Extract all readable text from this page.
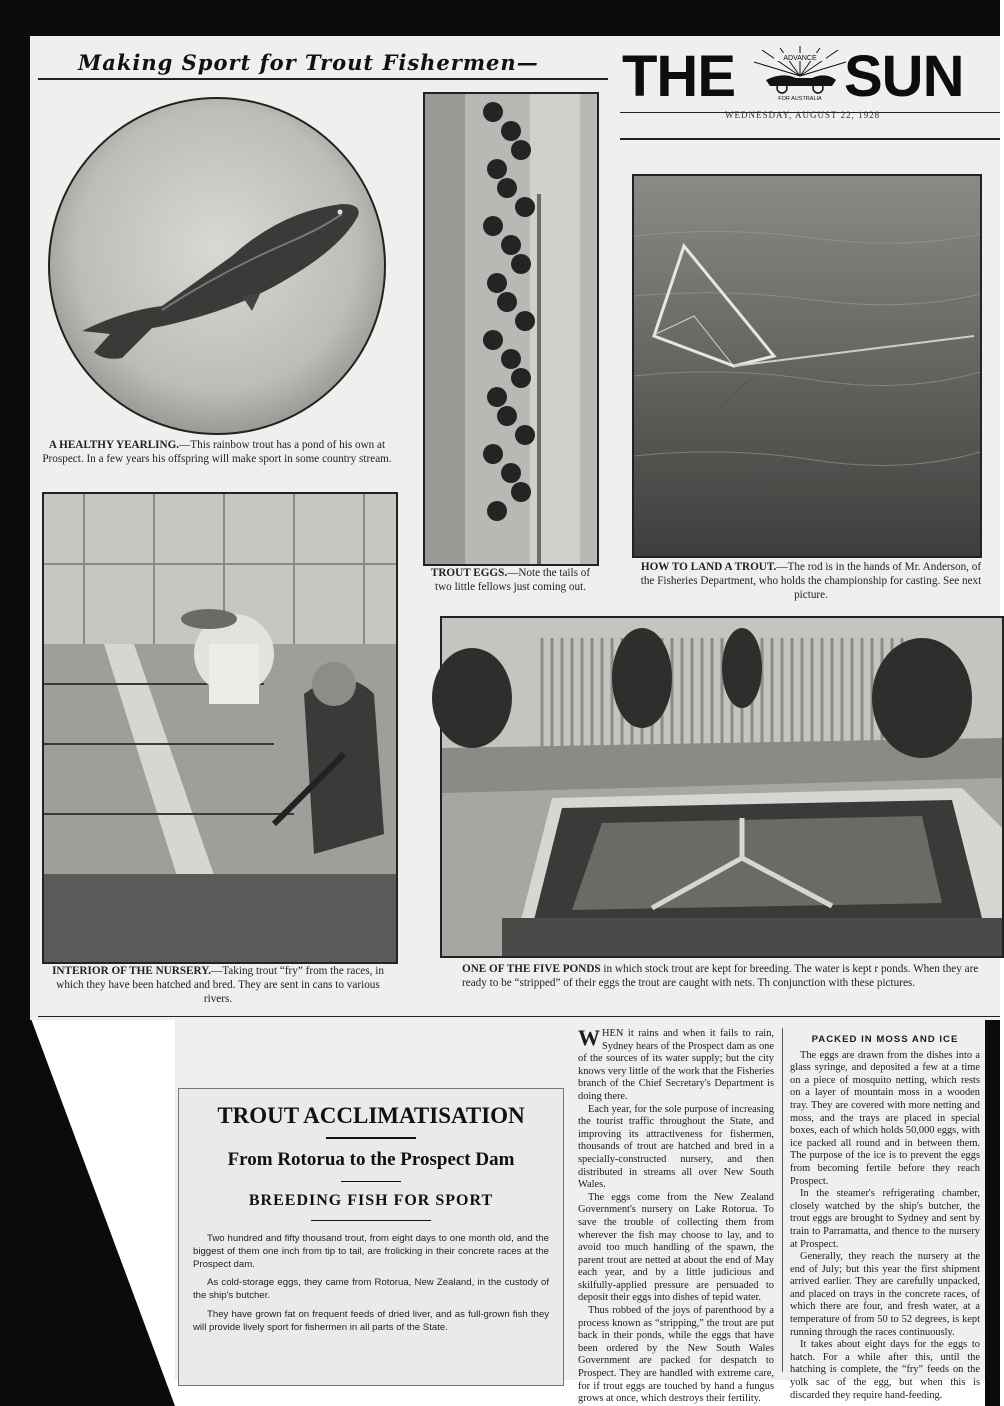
Making Sport for Trout Fishermen— THE	ADVANCE
FOR AUSTRALIA SUN
WEDNESDAY, AUGUST 22, 1928
A HEALTHY YEARLING.—This rainbow trout has a pond of his own at Prospect. In a few years his offspring will make sport in some country stream.
TROUT EGGS.—Note the tails of two little fellows just coming out.
HOW TO LAND A TROUT.—The rod is in the hands of Mr. Anderson, of the Fisheries Department, who holds the championship for casting. See next picture.
INTERIOR OF THE NURSERY.—Taking trout “fry” from the races, in which they have been hatched and bred. They are sent in cans to various rivers.
ONE OF THE FIVE PONDS in which stock trout are kept for breeding. The water is kept r ponds. When they are ready to be “stripped” of their eggs the trout are caught with nets. Th conjunction with these pictures.
TROUT ACCLIMATISATION
From Rotorua to the Prospect Dam
BREEDING FISH FOR SPORT

Two hundred and fifty thousand trout, from eight days to one month old, and the biggest of them one inch from tip to tail, are frolicking in their concrete races at the Prospect dam.

As cold-storage eggs, they came from Rotorua, New Zealand, in the custody of the ship's butcher.

They have grown fat on frequent feeds of dried liver, and as full-grown fish they will provide lively sport for fishermen in all parts of the State.

WHEN it rains and when it fails to rain, Sydney hears of the Prospect dam as one of the sources of its water supply; but the city knows very little of the work that the Fisheries branch of the Chief Secretary's Department is doing there.

Each year, for the sole purpose of increasing the tourist traffic throughout the State, and improving its attractiveness for fishermen, thousands of trout are hatched and bred in a specially-constructed nursery, and then distributed in streams all over New South Wales.

The eggs come from the New Zealand Government's nursery on Lake Rotorua. To save the trouble of collecting them from wherever the fish may choose to lay, and to avoid too much handling of the spawn, the parent trout are netted at about the end of May each year, and by a little judicious and skilfully-applied pressure are persuaded to deposit their eggs into dishes of tepid water.

Thus robbed of the joys of parenthood by a process known as “stripping,” the trout are put back in their ponds, while the eggs that have been ordered by the New South Wales Government are packed for despatch to Prospect. They are handled with extreme care, for if trout eggs are touched by hand a fungus grows at once, which destroys their fertility.

PACKED IN MOSS AND ICE

The eggs are drawn from the dishes into a glass syringe, and deposited a few at a time on a piece of mosquito netting, which rests on a layer of mountain moss in a wooden tray. They are covered with more netting and moss, and the trays are placed in special boxes, each of which holds 50,000 eggs, with ice packed all round and in between them. The purpose of the ice is to prevent the eggs from becoming fertile before they reach Prospect.

In the steamer's refrigerating chamber, closely watched by the ship's butcher, the trout eggs are brought to Sydney and sent by train to Parramatta, and thence to the nursery at Prospect.

Generally, they reach the nursery at the end of July; but this year the first shipment arrived earlier. They are carefully unpacked, and placed on trays in the concrete races, of which there are four, and fresh water, at a temperature of from 50 to 52 degrees, is kept running through the races continuously.

It takes about eight days for the eggs to hatch. For a while after this, until the hatching is complete, the “fry” feeds on the yolk sac of the egg, but when this is discarded they require hand-feeding.
